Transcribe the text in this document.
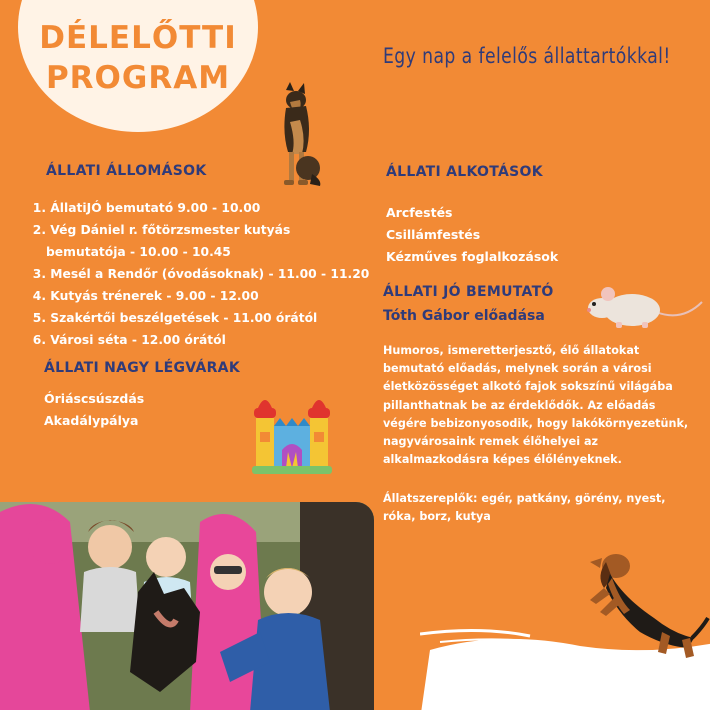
DÉLELŐTTI
PROGRAM
Egy nap a felelős állattartókkal!
ÁLLATI ÁLLOMÁSOK
1. ÁllatiJÓ bemutató 9.00 - 10.00
2. Vég Dániel r. főtörzsmester kutyás
bemutatója - 10.00 - 10.45
3. Mesél a Rendőr (óvodásoknak) - 11.00 - 11.20
4. Kutyás trénerek - 9.00 - 12.00
5. Szakértői beszélgetések - 11.00 órától
6. Városi séta - 12.00 órától
ÁLLATI NAGY LÉGVÁRAK
Óriáscsúszdás
Akadálypálya
ÁLLATI ALKOTÁSOK
Arcfestés
Csillámfestés
Kézműves foglalkozások
ÁLLATI JÓ BEMUTATÓ
Tóth Gábor előadása

Humoros, ismeretterjesztő, élő állatokat

bemutató előadás, melynek során a városi

életközösséget alkotó fajok sokszínű világába

pillanthatnak be az érdeklődők. Az előadás

végére bebizonyosodik, hogy lakókörnyezetünk,

nagyvárosaink remek élőhelyei az

alkalmazkodásra képes élőlényeknek.

Állatszereplők: egér, patkány, görény, nyest,

róka, borz, kutya
